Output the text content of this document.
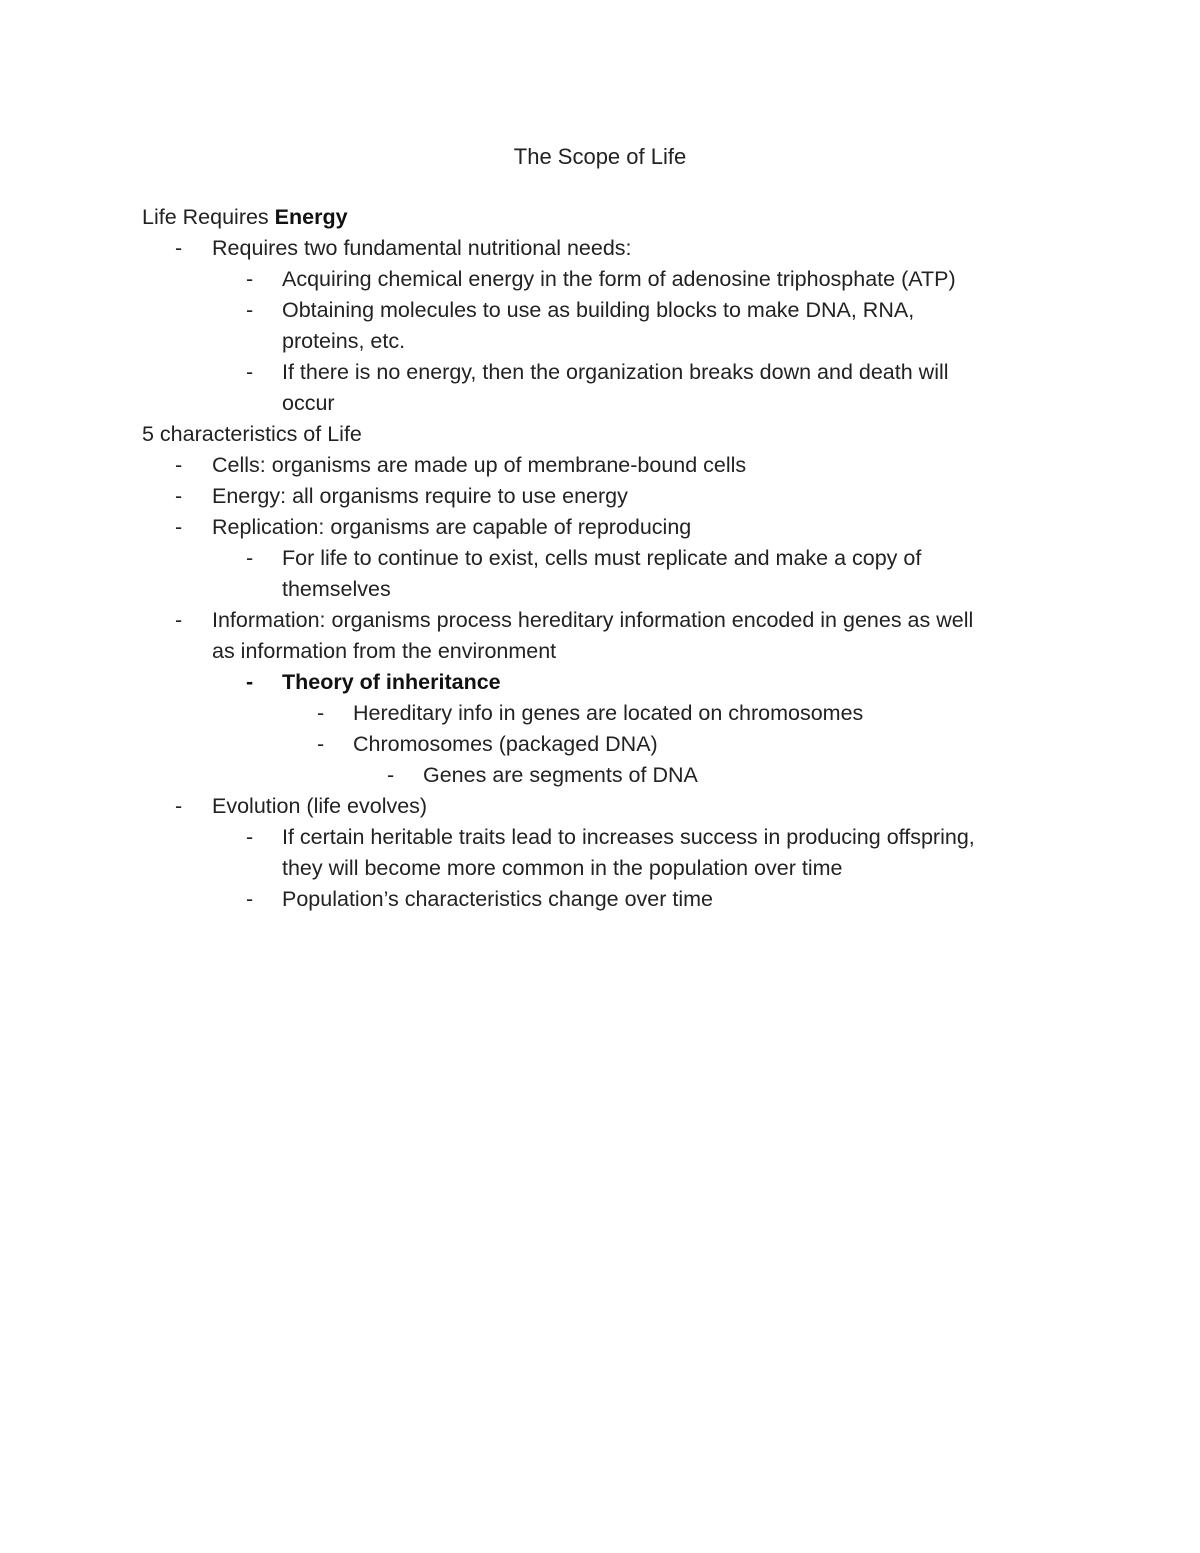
The Scope of Life
Life Requires Energy
-	Requires two fundamental nutritional needs:
-	Acquiring chemical energy in the form of adenosine triphosphate (ATP)
-	Obtaining molecules to use as building blocks to make DNA, RNA,
proteins, etc.
-	If there is no energy, then the organization breaks down and death will
occur
5 characteristics of Life
-	Cells: organisms are made up of membrane-bound cells
-	Energy: all organisms require to use energy
-	Replication: organisms are capable of reproducing
-	For life to continue to exist, cells must replicate and make a copy of
themselves
-	Information: organisms process hereditary information encoded in genes as well
as information from the environment
-	Theory of inheritance
-	Hereditary info in genes are located on chromosomes
-	Chromosomes (packaged DNA)
-	Genes are segments of DNA
-	Evolution (life evolves)
-	If certain heritable traits lead to increases success in producing offspring,
they will become more common in the population over time
-	Population’s characteristics change over time
